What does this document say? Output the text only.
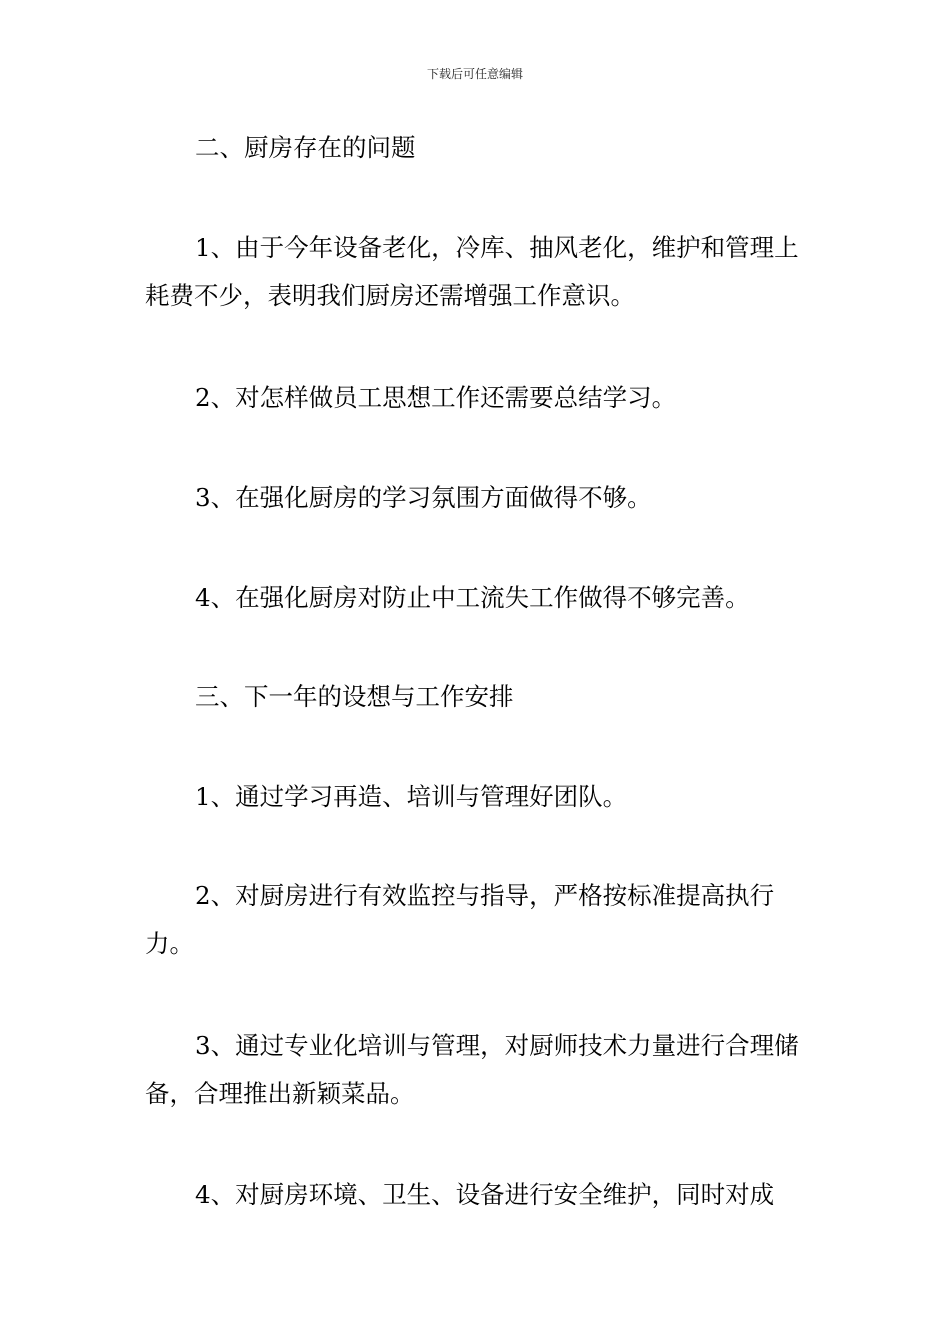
下载后可任意编辑

二、厨房存在的问题

1、由于今年设备老化，冷库、抽风老化，维护和管理上耗费不少，表明我们厨房还需增强工作意识。

2、对怎样做员工思想工作还需要总结学习。

3、在强化厨房的学习氛围方面做得不够。

4、在强化厨房对防止中工流失工作做得不够完善。

三、下一年的设想与工作安排

1、通过学习再造、培训与管理好团队。

2、对厨房进行有效监控与指导，严格按标准提高执行力。

3、通过专业化培训与管理，对厨师技术力量进行合理储备，合理推出新颖菜品。

4、对厨房环境、卫生、设备进行安全维护，同时对成
